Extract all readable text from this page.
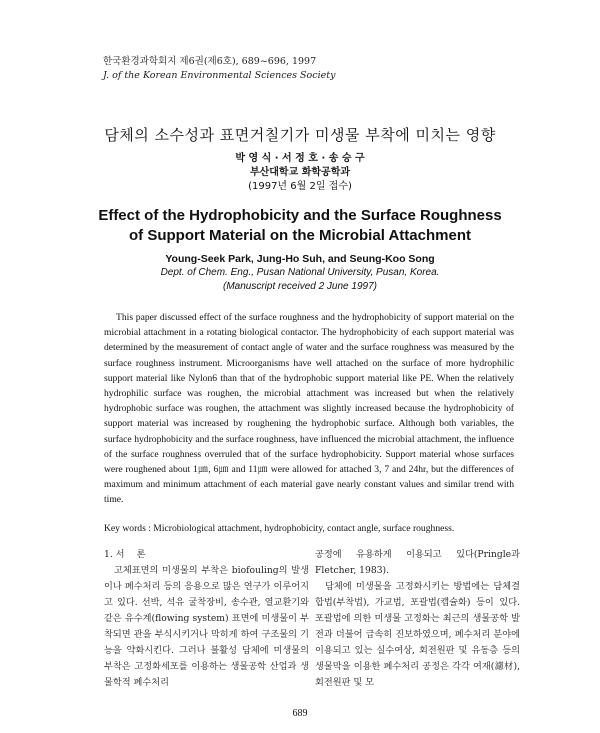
한국환경과학회지 제6권(제6호), 689~696, 1997
J. of the Korean Environmental Sciences Society
담체의 소수성과 표면거칠기가 미생물 부착에 미치는 영향
박 영 식 · 서 정 호 · 송 승 구
부산대학교 화학공학과
(1997년 6월 2일 접수)
Effect of the Hydrophobicity and the Surface Roughness
of Support Material on the Microbial Attachment
Young-Seek Park, Jung-Ho Suh, and Seung-Koo Song
Dept. of Chem. Eng., Pusan National University, Pusan, Korea.
(Manuscript received 2 June 1997)
This paper discussed effect of the surface roughness and the hydrophobicity of support material on the microbial attachment in a rotating biological contactor. The hydrophobicity of each support material was determined by the measurement of contact angle of water and the surface roughness was measured by the surface roughness instrument. Microorganisms have well attached on the surface of more hydrophilic support material like Nylon6 than that of the hydrophobic support material like PE. When the relatively hydrophilic surface was roughen, the microbial attachment was increased but when the relatively hydrophobic surface was roughen, the attachment was slightly increased because the hydrophobicity of support material was increased by roughening the hydrophobic surface. Although both variables, the surface hydrophobicity and the surface roughness, have influenced the microbial attachment, the influence of the surface roughness overruled that of the surface hydrophobicity. Support material whose surfaces were roughened about 1㎛, 6㎛ and 11㎛ were allowed for attached 3, 7 and 24hr, but the differences of maximum and minimum attachment of each material gave nearly constant values and similar trend with time.
Key words : Microbiological attachment, hydrophobicity, contact angle, surface roughness.

1. 서　 론

고체표면의 미생물의 부착은 biofouling의 발생이나 폐수처리 등의 응용으로 많은 연구가 이루어지고 있다. 선박, 석유 굴착장비, 송수관, 열교환기와 같은 유수계(flowing system) 표면에 미생물이 부착되면 관을 부식시키거나 막히게 하여 구조물의 기능을 약화시킨다. 그러나 불활성 담체에 미생물의 부착은 고정화세포를 이용하는 생물공학 산업과 생물학적 폐수처리

공정에 유용하게 이용되고 있다(Pringle과 Fletcher, 1983).

담체에 미생물을 고정화시키는 방법에는 담체결합법(부착법), 가교법, 포괄법(캡슐화) 등이 있다. 포괄법에 의한 미생물 고정화는 최근의 생물공학 발전과 더불어 급속히 진보하였으며, 폐수처리 분야에 이용되고 있는 실수여상, 회전원판 및 유동층 등의 생물막을 이용한 폐수처리 공정은 각각 여재(濾材), 회전원판 및 모

689
